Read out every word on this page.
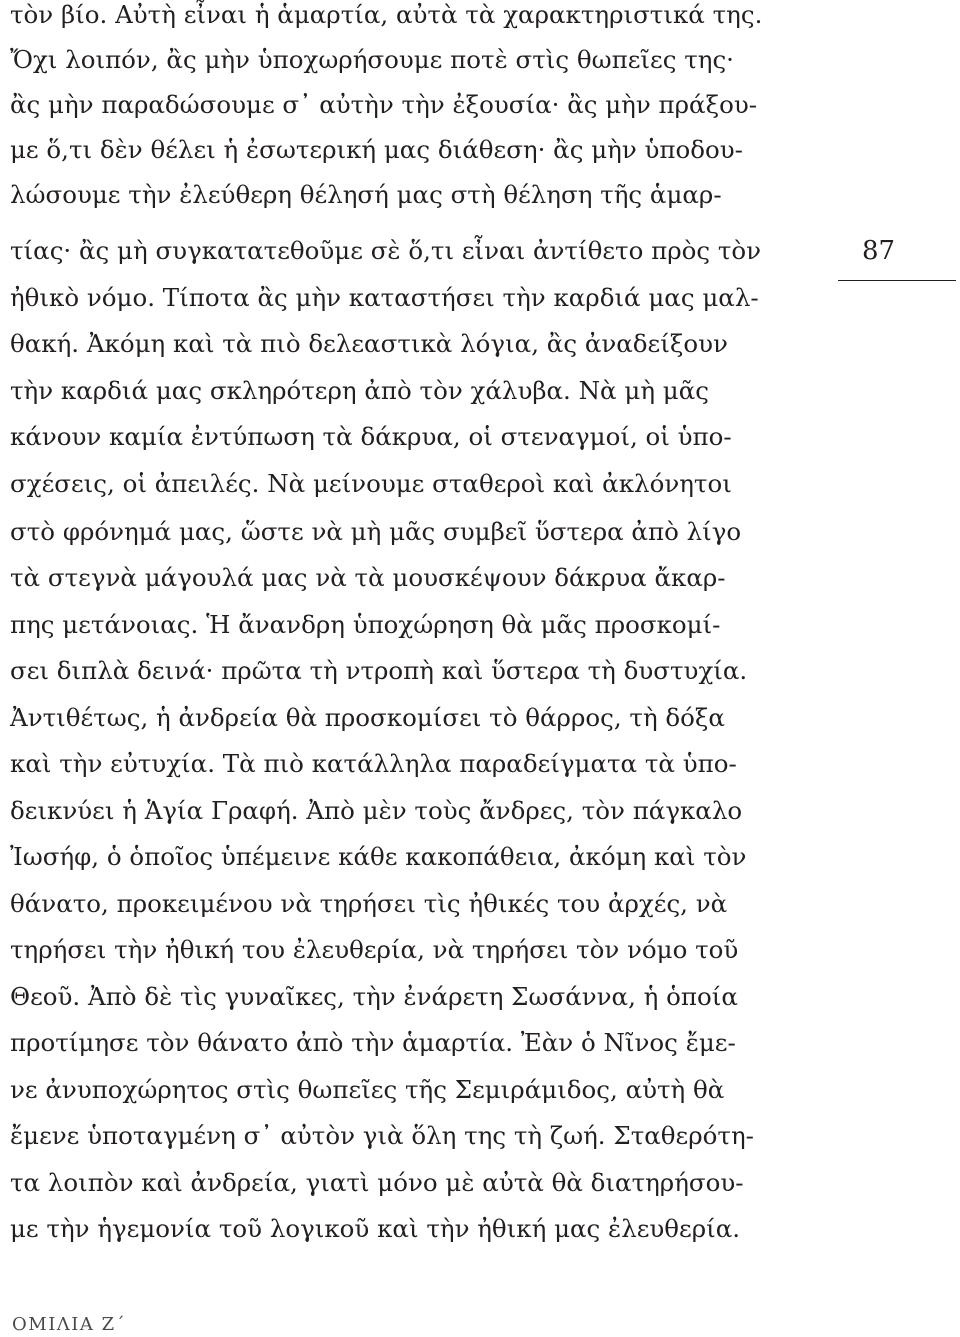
τὸν βίο. Αὐτὴ εἶναι ἡ ἁμαρτία, αὐτὰ τὰ χαρακτηριστικά της.
Ὄχι λοιπόν, ἂς μὴν ὑποχωρήσουμε ποτὲ στὶς θωπεῖες της·
ἂς μὴν παραδώσουμε σ᾿ αὐτὴν τὴν ἐξουσία· ἂς μὴν πράξου-
με ὅ,τι δὲν θέλει ἡ ἐσωτερική μας διάθεση· ἂς μὴν ὑποδου-
λώσουμε τὴν ἐλεύθερη θέλησή μας στὴ θέληση τῆς ἁμαρ-
τίας· ἂς μὴ συγκατατεθοῦμε σὲ ὅ,τι εἶναι ἀντίθετο πρὸς τὸν
ἠθικὸ νόμο. Τίποτα ἂς μὴν καταστήσει τὴν καρδιά μας μαλ-
θακή. Ἀκόμη καὶ τὰ πιὸ δελεαστικὰ λόγια, ἂς ἀναδείξουν
τὴν καρδιά μας σκληρότερη ἀπὸ τὸν χάλυβα. Νὰ μὴ μᾶς
κάνουν καμία ἐντύπωση τὰ δάκρυα, οἱ στεναγμοί, οἱ ὑπο-
σχέσεις, οἱ ἀπειλές. Νὰ μείνουμε σταθεροὶ καὶ ἀκλόνητοι
στὸ φρόνημά μας, ὥστε νὰ μὴ μᾶς συμβεῖ ὕστερα ἀπὸ λίγο
τὰ στεγνὰ μάγουλά μας νὰ τὰ μουσκέψουν δάκρυα ἄκαρ-
πης μετάνοιας. Ἡ ἄνανδρη ὑποχώρηση θὰ μᾶς προσκομί-
σει διπλὰ δεινά· πρῶτα τὴ ντροπὴ καὶ ὕστερα τὴ δυστυχία.
Ἀντιθέτως, ἡ ἀνδρεία θὰ προσκομίσει τὸ θάρρος, τὴ δόξα
καὶ τὴν εὐτυχία. Τὰ πιὸ κατάλληλα παραδείγματα τὰ ὑπο-
δεικνύει ἡ Ἁγία Γραφή. Ἀπὸ μὲν τοὺς ἄνδρες, τὸν πάγκαλο
Ἰωσήφ, ὁ ὁποῖος ὑπέμεινε κάθε κακοπάθεια, ἀκόμη καὶ τὸν
θάνατο, προκειμένου νὰ τηρήσει τὶς ἠθικές του ἀρχές, νὰ
τηρήσει τὴν ἠθική του ἐλευθερία, νὰ τηρήσει τὸν νόμο τοῦ
Θεοῦ. Ἀπὸ δὲ τὶς γυναῖκες, τὴν ἐνάρετη Σωσάννα, ἡ ὁποία
προτίμησε τὸν θάνατο ἀπὸ τὴν ἁμαρτία. Ἐὰν ὁ Νῖνος ἔμε-
νε ἀνυποχώρητος στὶς θωπεῖες τῆς Σεμιράμιδος, αὐτὴ θὰ
ἔμενε ὑποταγμένη σ᾿ αὐτὸν γιὰ ὅλη της τὴ ζωή. Σταθερότη-
τα λοιπὸν καὶ ἀνδρεία, γιατὶ μόνο μὲ αὐτὰ θὰ διατηρήσου-
με τὴν ἡγεμονία τοῦ λογικοῦ καὶ τὴν ἠθική μας ἐλευθερία.
87
ΟΜΙΛΙΑ Ζ΄
